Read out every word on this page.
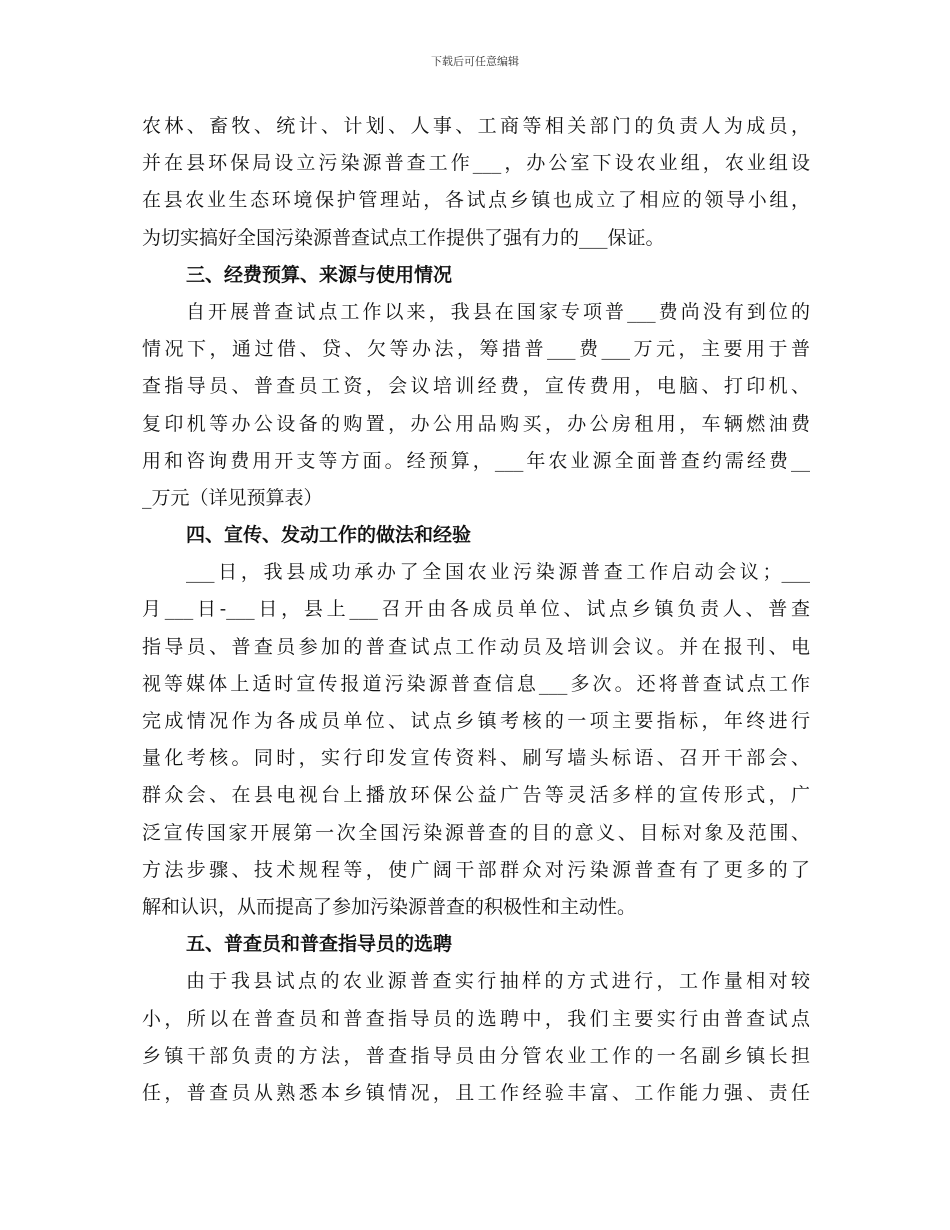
下载后可任意编辑
农林、畜牧、统计、计划、人事、工商等相关部门的负责人为成员，
并在县环保局设立污染源普查工作___，办公室下设农业组，农业组设
在县农业生态环境保护管理站，各试点乡镇也成立了相应的领导小组，
为切实搞好全国污染源普查试点工作提供了强有力的___保证。
三、经费预算、来源与使用情况
自开展普查试点工作以来，我县在国家专项普___费尚没有到位的
情况下，通过借、贷、欠等办法，筹措普___费___万元，主要用于普
查指导员、普查员工资，会议培训经费，宣传费用，电脑、打印机、
复印机等办公设备的购置，办公用品购买，办公房租用，车辆燃油费
用和咨询费用开支等方面。经预算，___年农业源全面普查约需经费__
_万元（详见预算表）
四、宣传、发动工作的做法和经验
___日，我县成功承办了全国农业污染源普查工作启动会议；___
月___日-___日，县上___召开由各成员单位、试点乡镇负责人、普查
指导员、普查员参加的普查试点工作动员及培训会议。并在报刊、电
视等媒体上适时宣传报道污染源普查信息___多次。还将普查试点工作
完成情况作为各成员单位、试点乡镇考核的一项主要指标，年终进行
量化考核。同时，实行印发宣传资料、刷写墙头标语、召开干部会、
群众会、在县电视台上播放环保公益广告等灵活多样的宣传形式，广
泛宣传国家开展第一次全国污染源普查的目的意义、目标对象及范围、
方法步骤、技术规程等，使广阔干部群众对污染源普查有了更多的了
解和认识，从而提高了参加污染源普查的积极性和主动性。
五、普查员和普查指导员的选聘
由于我县试点的农业源普查实行抽样的方式进行，工作量相对较
小，所以在普查员和普查指导员的选聘中，我们主要实行由普查试点
乡镇干部负责的方法，普查指导员由分管农业工作的一名副乡镇长担
任，普查员从熟悉本乡镇情况，且工作经验丰富、工作能力强、责任
